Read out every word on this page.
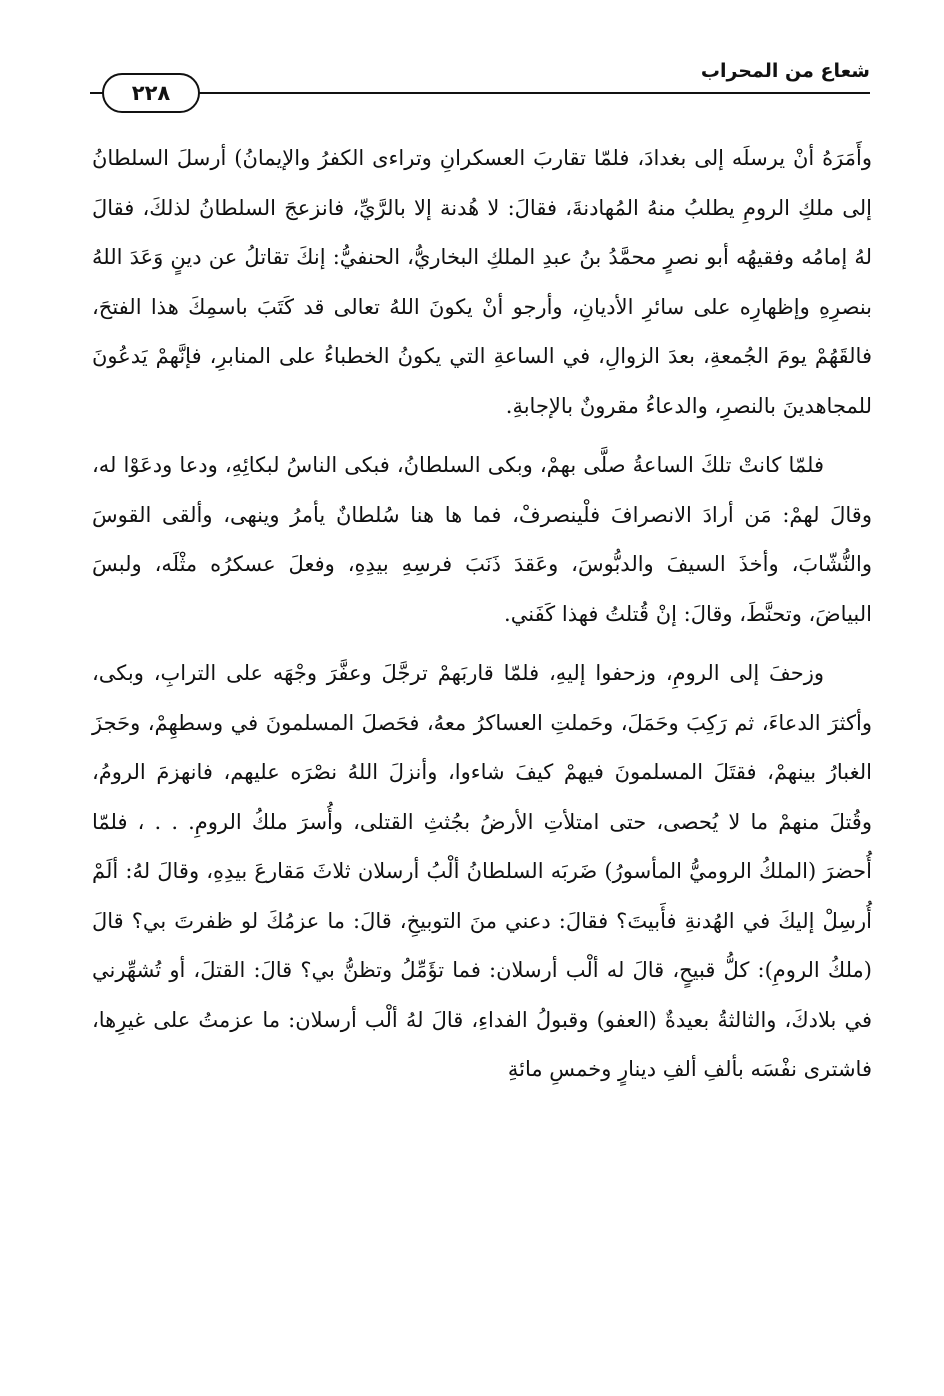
شعاع من المحراب
٢٢٨

وأَمَرَهُ أنْ يرسلَه إلى بغدادَ، فلمّا تقاربَ العسكرانِ وتراءى الكفرُ والإيمانُ) أرسلَ السلطانُ إلى ملكِ الرومِ يطلبُ منهُ المُهادنةَ، فقالَ: لا هُدنة إلا بالرَّيِّ، فانزعجَ السلطانُ لذلكَ، فقالَ لهُ إمامُه وفقيهُه أبو نصرٍ محمَّدُ بنُ عبدِ الملكِ البخاريُّ، الحنفيُّ: إنكَ تقاتلُ عن دينٍ وَعَدَ اللهُ بنصرِهِ وإظهارِه على سائرِ الأديانِ، وأرجو أنْ يكونَ اللهُ تعالى قد كَتَبَ باسمِكَ هذا الفتحَ، فالقَهُمْ يومَ الجُمعةِ، بعدَ الزوالِ، في الساعةِ التي يكونُ الخطباءُ على المنابرِ، فإنَّهمْ يَدعُونَ للمجاهدينَ بالنصرِ، والدعاءُ مقرونٌ بالإجابةِ.

فلمّا كانتْ تلكَ الساعةُ صلَّى بهمْ، وبكى السلطانُ، فبكى الناسُ لبكائِهِ، ودعا ودعَوْا له، وقالَ لهمْ: مَن أرادَ الانصرافَ فلْينصرفْ، فما ها هنا سُلطانٌ يأمرُ وينهى، وألقى القوسَ والنُّشّابَ، وأخذَ السيفَ والدبُّوسَ، وعَقدَ ذَنَبَ فرسِهِ بيدِهِ، وفعلَ عسكرُه مثْلَه، ولبسَ البياضَ، وتحنَّطَ، وقالَ: إنْ قُتلتُ فهذا كَفَني.

وزحفَ إلى الرومِ، وزحفوا إليهِ، فلمّا قاربَهمْ ترجَّلَ وعفَّرَ وجْهَه على الترابِ، وبكى، وأكثرَ الدعاءَ، ثم رَكِبَ وحَمَلَ، وحَملتِ العساكرُ معهُ، فحَصلَ المسلمونَ في وسطهِمْ، وحَجزَ الغبارُ بينهمْ، فقتَلَ المسلمونَ فيهمْ كيفَ شاءوا، وأنزلَ اللهُ نصْرَه عليهم، فانهزمَ الرومُ، وقُتلَ منهمْ ما لا يُحصى، حتى امتلأتِ الأرضُ بجُثثِ القتلى، وأُسرَ ملكُ الرومِ. . . ، فلمّا أُحضرَ (الملكُ الروميُّ المأسورُ) ضَربَه السلطانُ ألْبُ أرسلان ثلاثَ مَقارعَ بيدِهِ، وقالَ لهُ: ألَمْ أُرسِلْ إليكَ في الهُدنةِ فأَبيتَ؟ فقالَ: دعني منَ التوبيخِ، قالَ: ما عزمُكَ لو ظفرتَ بي؟ قالَ (ملكُ الرومِ): كلُّ قبيحٍ، قالَ له ألْب أرسلان: فما تؤَمِّلُ وتظنُّ بي؟ قالَ: القتلَ، أو تُشهِّرني في بلادكَ، والثالثةُ بعيدةٌ (العفو) وقبولُ الفداءِ، قالَ لهُ ألْب أرسلان: ما عزمتُ على غيرِها، فاشترى نفْسَه بألفِ ألفِ دينارٍ وخمسِ مائةِ
